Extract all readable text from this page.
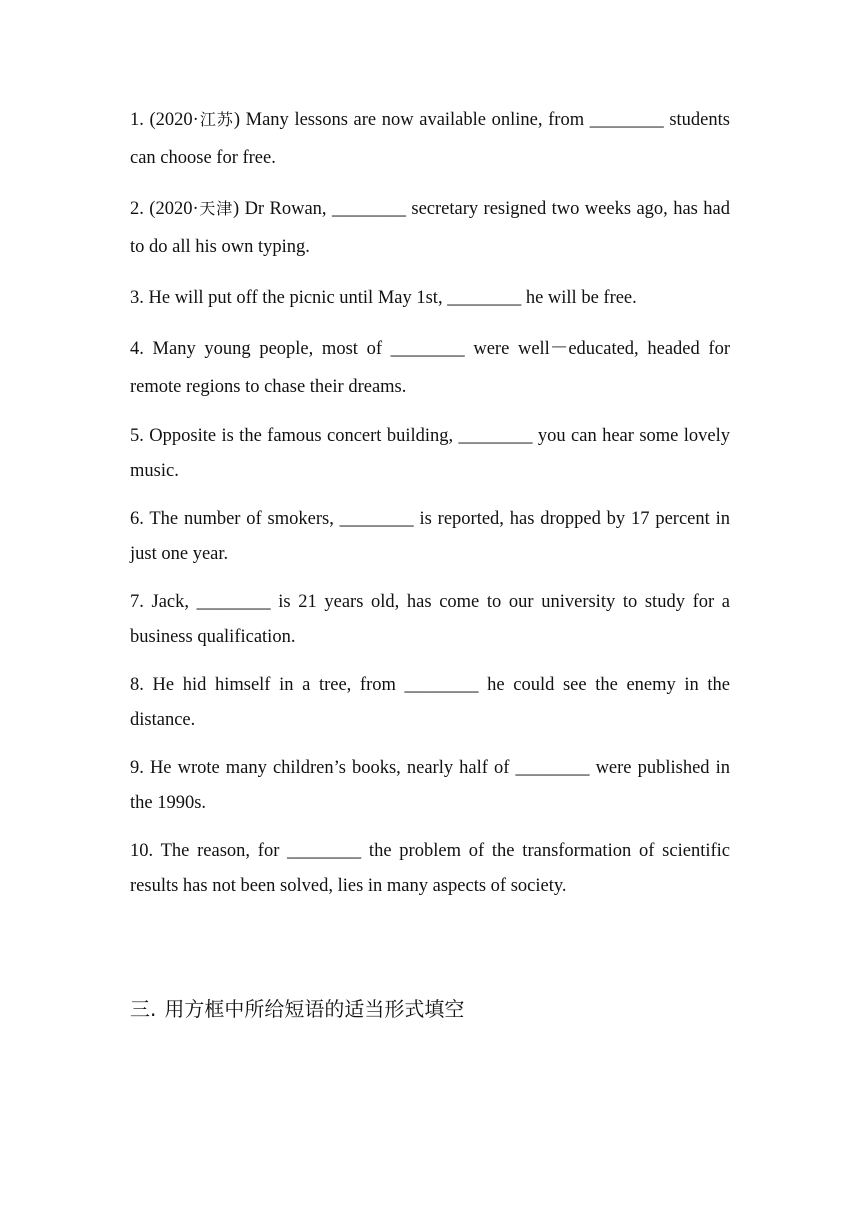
1. (2020·江苏) Many lessons are now available online, from ________ students can choose for free.

2. (2020·天津) Dr Rowan, ________ secretary resigned two weeks ago, has had to do all his own typing.

3. He will put off the picnic until May 1st, ________ he will be free.

4. Many young people, most of ________ were well－educated, headed for remote regions to chase their dreams.

5. Opposite is the famous concert building, ________ you can hear some lovely music.

6. The number of smokers, ________ is reported, has dropped by 17 percent in just one year.

7. Jack, ________ is 21 years old, has come to our university to study for a business qualification.

8. He hid himself in a tree, from ________ he could see the enemy in the distance.

9. He wrote many children’s books, nearly half of ________ were published in the 1990s.

10. The reason, for ________ the problem of the transformation of scientific results has not been solved, lies in many aspects of society.

三. 用方框中所给短语的适当形式填空
